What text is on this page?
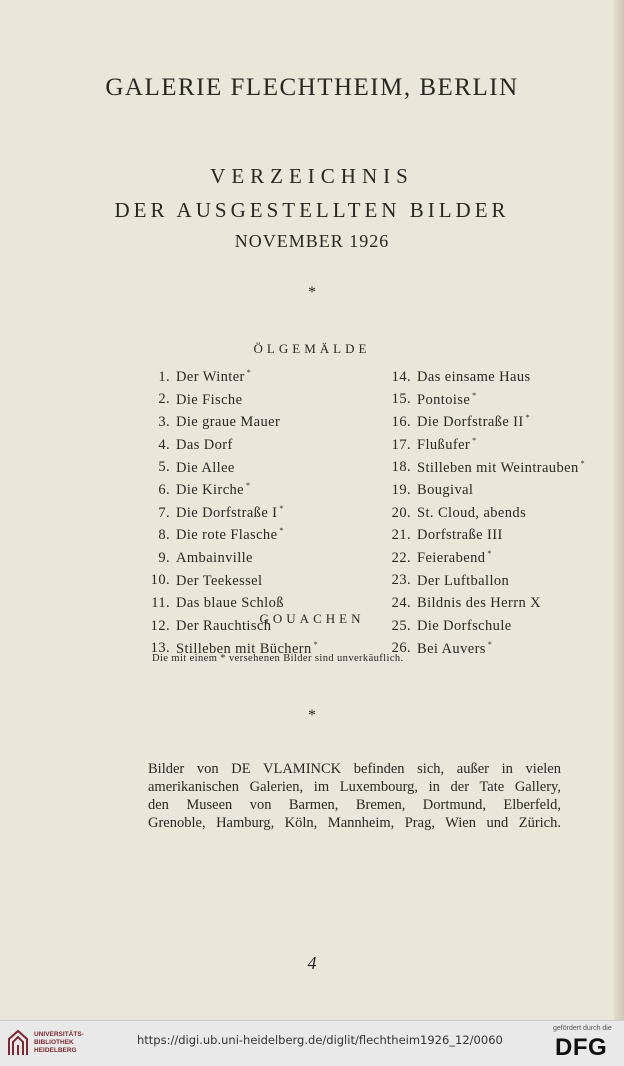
GALERIE FLECHTHEIM, BERLIN
VERZEICHNIS
DER AUSGESTELLTEN BILDER
NOVEMBER 1926
*
ÖLGEMÄLDE
1. Der Winter *
2. Die Fische
3. Die graue Mauer
4. Das Dorf
5. Die Allee
6. Die Kirche *
7. Die Dorfstraße I *
8. Die rote Flasche *
9. Ambainville
10. Der Teekessel
11. Das blaue Schloß
12. Der Rauchtisch
13. Stilleben mit Büchern *
14. Das einsame Haus
15. Pontoise *
16. Die Dorfstraße II *
17. Flußufer *
18. Stilleben mit Weintrauben *
19. Bougival
20. St. Cloud, abends
21. Dorfstraße III
22. Feierabend *
23. Der Luftballon
24. Bildnis des Herrn X
25. Die Dorfschule
26. Bei Auvers *
GOUACHEN
Die mit einem * versehenen Bilder sind unverkäuflich.
*

Bilder von DE VLAMINCK befinden sich, außer in vielen
amerikanischen Galerien, im Luxembourg, in der Tate Gallery,
den Museen von Barmen, Bremen, Dortmund, Elberfeld,
Grenoble, Hamburg, Köln, Mannheim, Prag, Wien und Zürich.

4
UNIVERSITÄTS-
BIBLIOTHEK
HEIDELBERG
https://digi.ub.uni-heidelberg.de/diglit/flechtheim1926_12/0060
gefördert durch die
DFG
